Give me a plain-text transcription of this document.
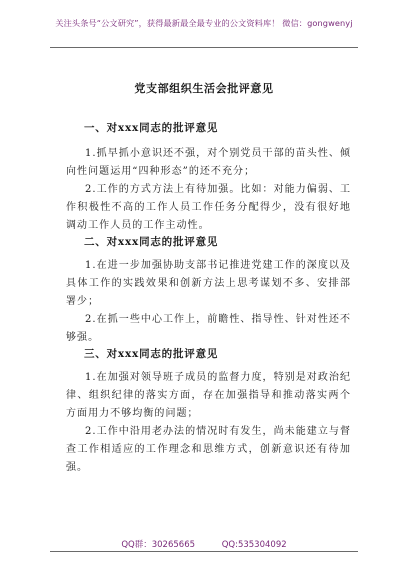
关注头条号“公文研究”，获得最新最全最专业的公文资料库！ 微信：gongwenyj
党支部组织生活会批评意见
一、对xxx同志的批评意见

1.抓早抓小意识还不强，对个别党员干部的苗头性、倾向性问题运用“四种形态”的还不充分；

2.工作的方式方法上有待加强。比如：对能力偏弱、工作积极性不高的工作人员工作任务分配得少，没有很好地调动工作人员的工作主动性。

二、对xxx同志的批评意见

1.在进一步加强协助支部书记推进党建工作的深度以及具体工作的实践效果和创新方法上思考谋划不多、安排部署少；

2.在抓一些中心工作上，前瞻性、指导性、针对性还不够强。

三、对xxx同志的批评意见

1.在加强对领导班子成员的监督力度，特别是对政治纪律、组织纪律的落实方面，存在加强指导和推动落实两个方面用力不够均衡的问题；

2.工作中沿用老办法的情况时有发生，尚未能建立与督查工作相适应的工作理念和思维方式，创新意识还有待加强。

QQ群：30265665	QQ:535304092
